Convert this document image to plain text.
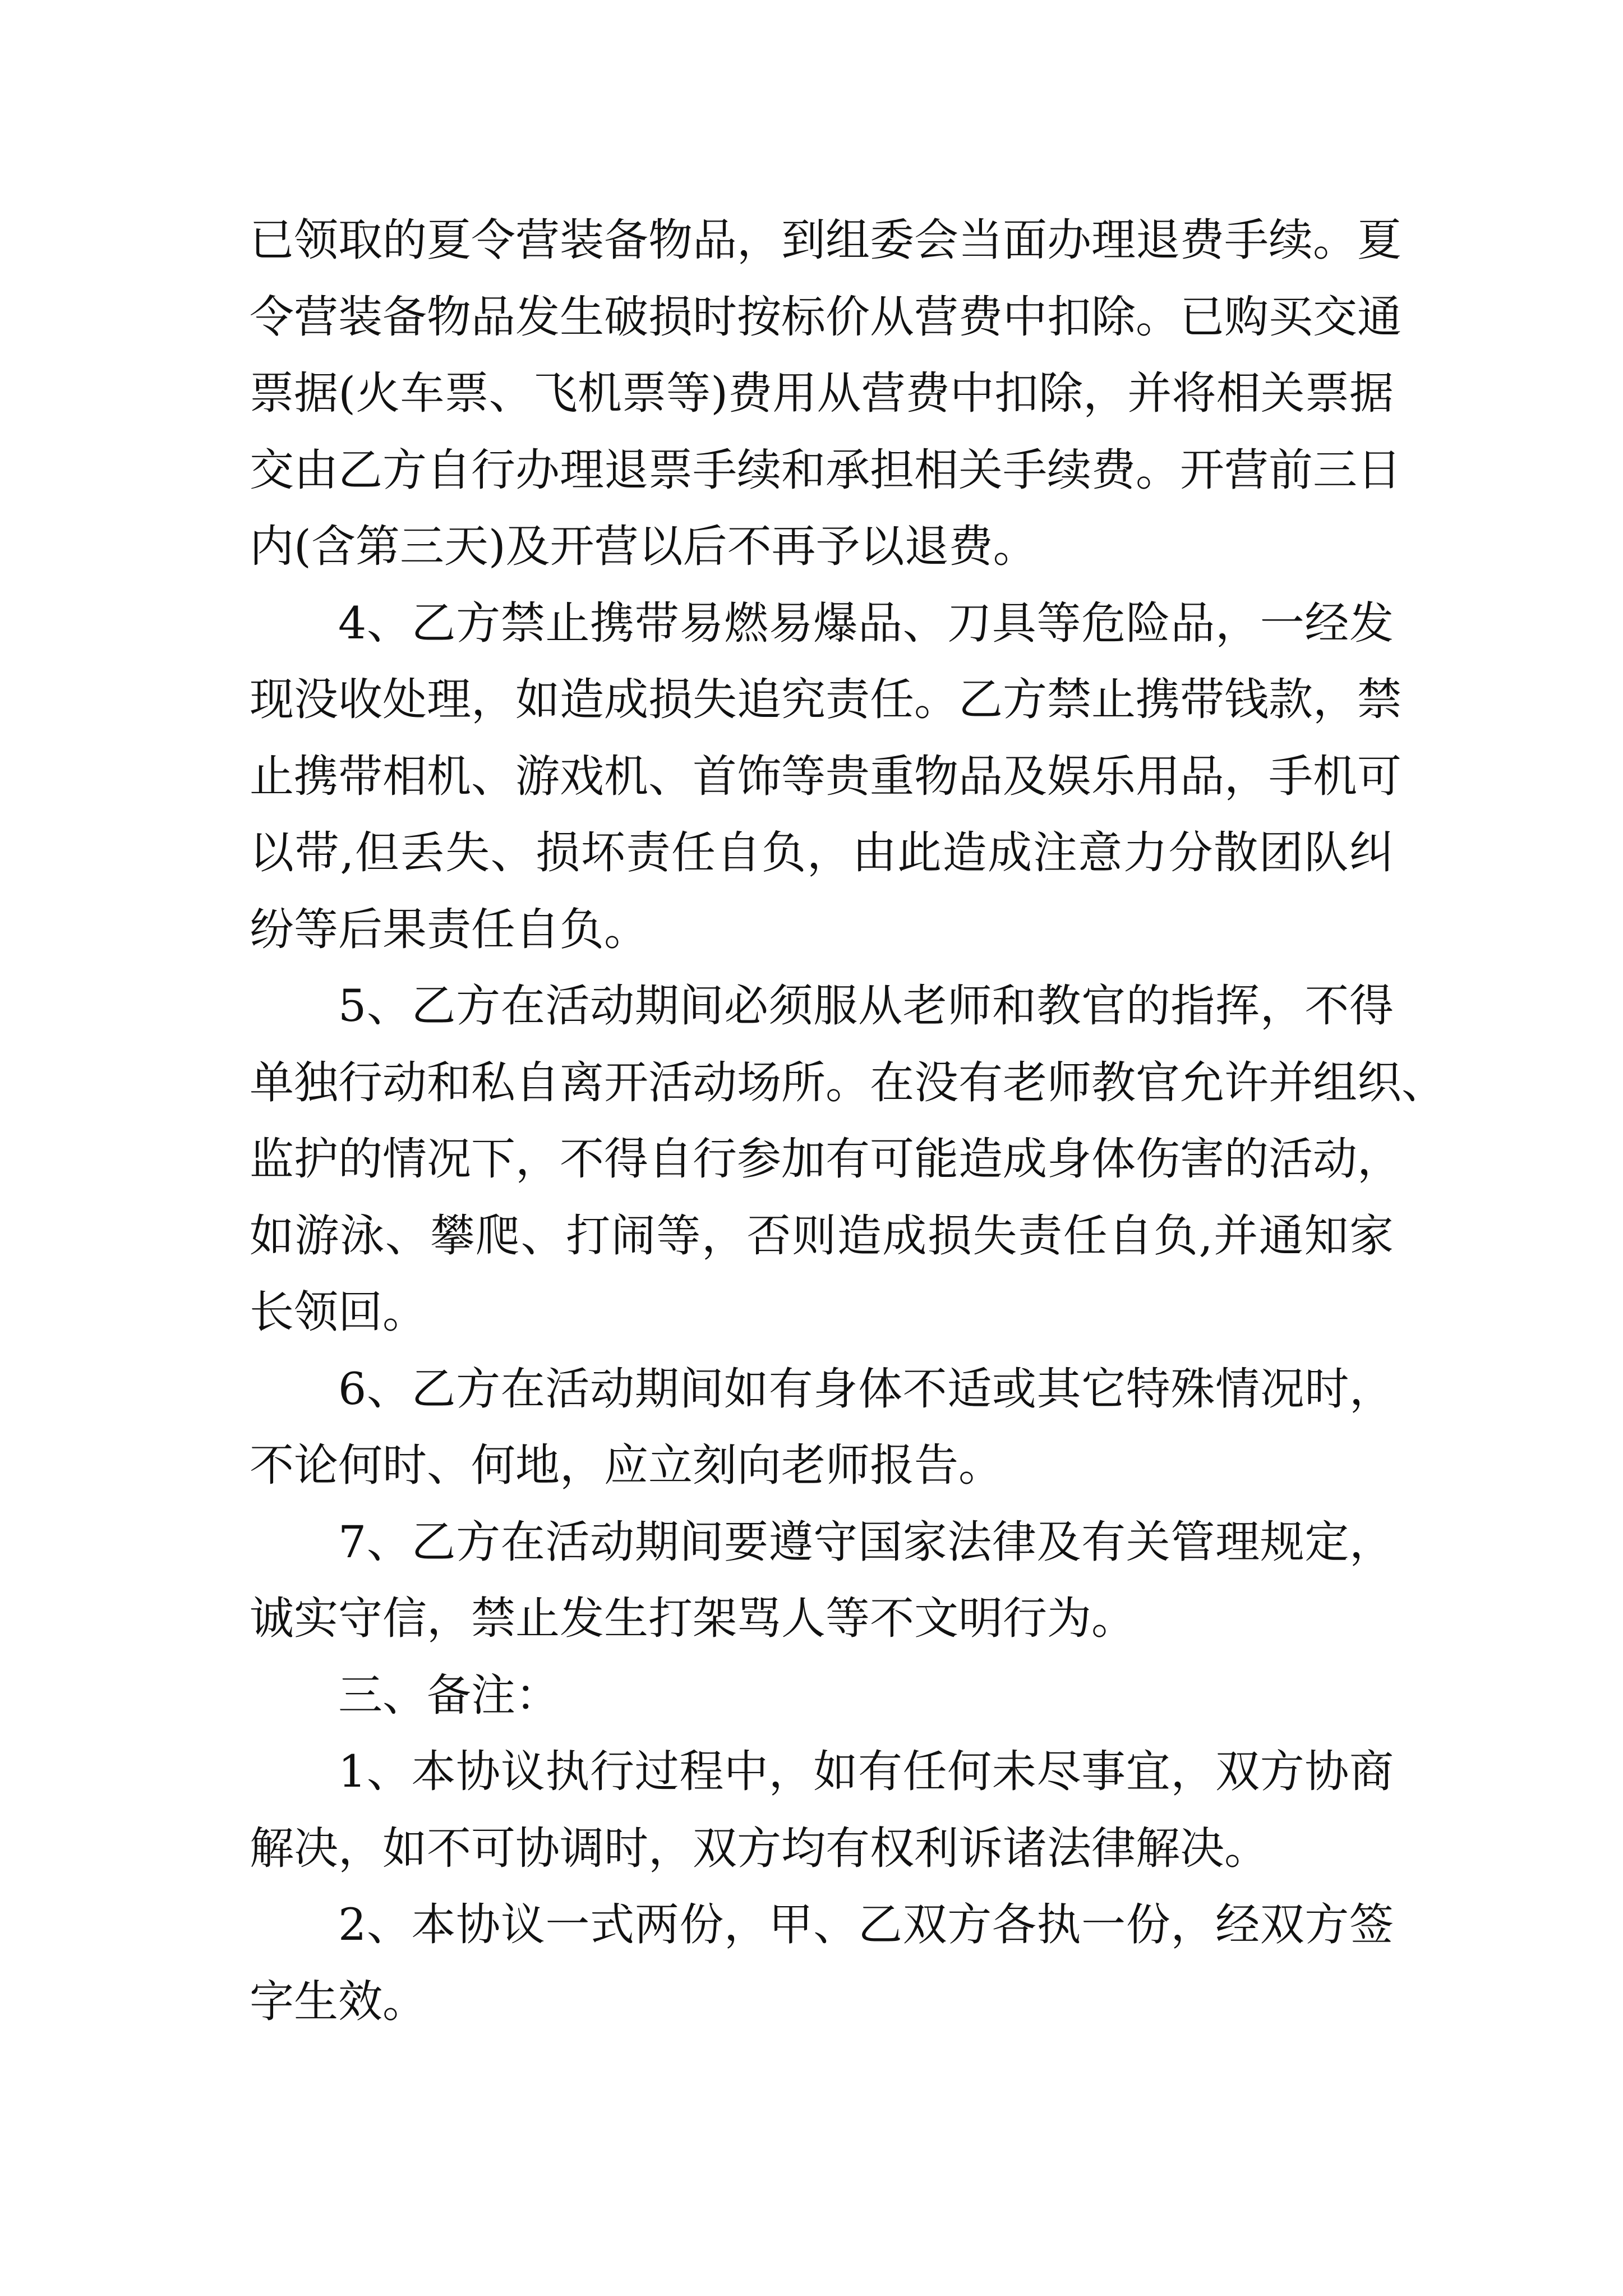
已领取的夏令营装备物品，到组委会当面办理退费手续。夏
令营装备物品发生破损时按标价从营费中扣除。已购买交通
票据(火车票、飞机票等)费用从营费中扣除，并将相关票据
交由乙方自行办理退票手续和承担相关手续费。开营前三日
内(含第三天)及开营以后不再予以退费。
4、乙方禁止携带易燃易爆品、刀具等危险品，一经发
现没收处理，如造成损失追究责任。乙方禁止携带钱款，禁
止携带相机、游戏机、首饰等贵重物品及娱乐用品，手机可
以带,但丢失、损坏责任自负，由此造成注意力分散团队纠
纷等后果责任自负。
5、乙方在活动期间必须服从老师和教官的指挥，不得
单独行动和私自离开活动场所。在没有老师教官允许并组织、
监护的情况下，不得自行参加有可能造成身体伤害的活动，
如游泳、攀爬、打闹等，否则造成损失责任自负,并通知家
长领回。
6、乙方在活动期间如有身体不适或其它特殊情况时，
不论何时、何地，应立刻向老师报告。
7、乙方在活动期间要遵守国家法律及有关管理规定，
诚实守信，禁止发生打架骂人等不文明行为。
三、备注：
1、本协议执行过程中，如有任何未尽事宜，双方协商
解决，如不可协调时，双方均有权利诉诸法律解决。
2、本协议一式两份，甲、乙双方各执一份，经双方签
字生效。
